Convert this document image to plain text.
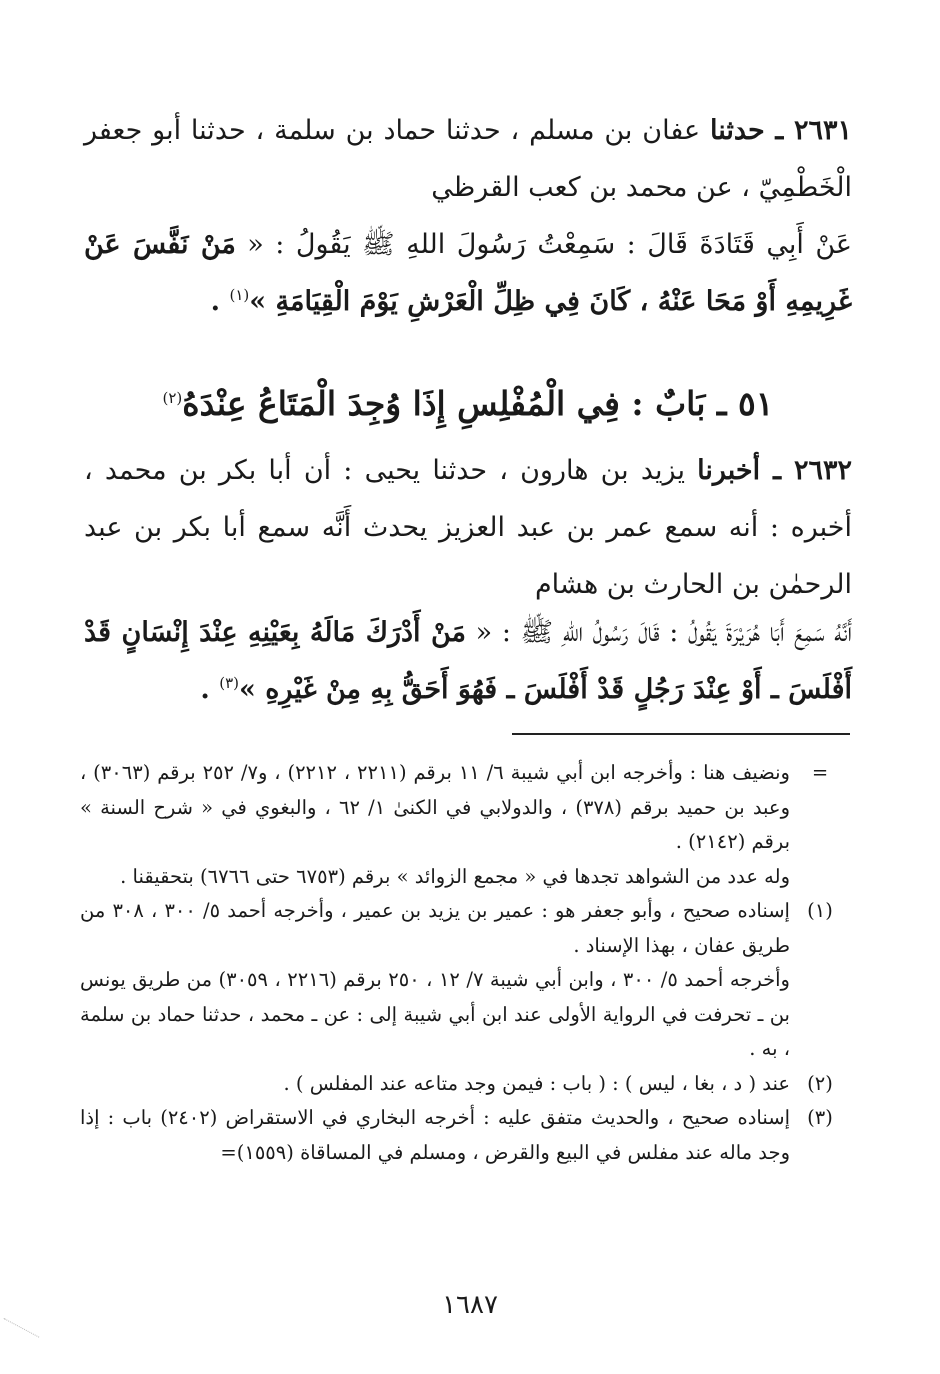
٢٦٣١ ـ حدثنا عفان بن مسلم ، حدثنا حماد بن سلمة ، حدثنا أبو جعفر الْخَطْمِيّ ، عن محمد بن كعب القرظي
عَنْ أَبِي قَتَادَةَ قَالَ : سَمِعْتُ رَسُولَ اللهِ ﷺ يَقُولُ : « مَنْ نَفَّسَ عَنْ غَرِيمِهِ أَوْ مَحَا عَنْهُ ، كَانَ فِي ظِلِّ الْعَرْشِ يَوْمَ الْقِيَامَةِ »$^{(١)}$ .
٥١ ـ بَابٌ : فِي الْمُفْلِسِ إِذَا وُجِدَ الْمَتَاعُ عِنْدَهُ$^{(٢)}$
٢٦٣٢ ـ أخبرنا يزيد بن هارون ، حدثنا يحيى : أن أبا بكر بن محمد ، أخبره : أنه سمع عمر بن عبد العزيز يحدث أَنَّه سمع أبا بكر بن عبد الرحمٰن بن الحارث بن هشام
أَنَّهُ سَمِعَ أَبَا هُرَيْرَةَ يَقُولُ : قَالَ رَسُولُ اللهِ ﷺ : « مَنْ أَدْرَكَ مَالَهُ بِعَيْنِهِ عِنْدَ إِنْسَانٍ قَدْ أَفْلَسَ ـ أَوْ عِنْدَ رَجُلٍ قَدْ أَفْلَسَ ـ فَهُوَ أَحَقُّ بِهِ مِنْ غَيْرِهِ »$^{(٣)}$ .
=

ونضيف هنا : وأخرجه ابن أبي شيبة ٦/ ١١ برقم (٢٢١١ ، ٢٢١٢) ، و٧/ ٢٥٢ برقم (٣٠٦٣) ، وعبد بن حميد برقم (٣٧٨) ، والدولابي في الكنىٰ ١/ ٦٢ ، والبغوي في « شرح السنة » برقم (٢١٤٢) .

وله عدد من الشواهد تجدها في « مجمع الزوائد » برقم (٦٧٥٣ حتى ٦٧٦٦) بتحقيقنا .

(١)

إسناده صحيح ، وأبو جعفر هو : عمير بن يزيد بن عمير ، وأخرجه أحمد ٥/ ٣٠٠ ، ٣٠٨ من طريق عفان ، بهذا الإسناد .

وأخرجه أحمد ٥/ ٣٠٠ ، وابن أبي شيبة ٧/ ١٢ ، ٢٥٠ برقم (٢٢١٦ ، ٣٠٥٩) من طريق يونس بن ـ تحرفت في الرواية الأولى عند ابن أبي شيبة إلى : عن ـ محمد ، حدثنا حماد بن سلمة ، به .

(٢)

عند ( د ، بغا ، ليس ) : ( باب : فيمن وجد متاعه عند المفلس ) .

(٣)

إسناده صحيح ، والحديث متفق عليه : أخرجه البخاري في الاستقراض (٢٤٠٢) باب : إذا وجد ماله عند مفلس في البيع والقرض ، ومسلم في المساقاة (١٥٥٩)=

١٦٨٧
